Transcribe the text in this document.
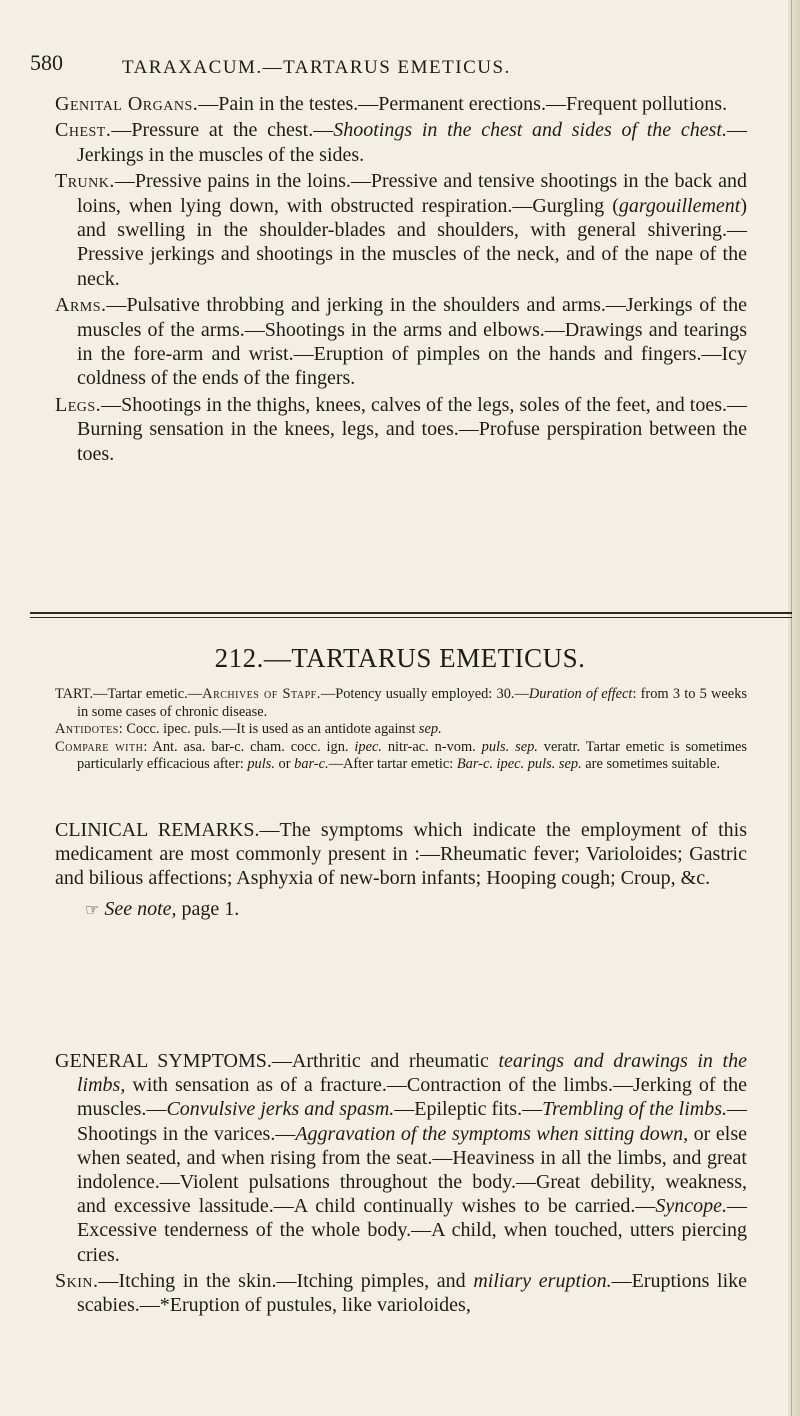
580	TARAXACUM.—TARTARUS EMETICUS.

Genital Organs.—Pain in the testes.—Permanent erections.—Frequent pollutions.

Chest.—Pressure at the chest.—Shootings in the chest and sides of the chest.—Jerkings in the muscles of the sides.

Trunk.—Pressive pains in the loins.—Pressive and tensive shootings in the back and loins, when lying down, with obstructed respiration.—Gurgling (gargouillement) and swelling in the shoulder-blades and shoulders, with general shivering.—Pressive jerkings and shootings in the muscles of the neck, and of the nape of the neck.

Arms.—Pulsative throbbing and jerking in the shoulders and arms.—Jerkings of the muscles of the arms.—Shootings in the arms and elbows.—Drawings and tearings in the fore-arm and wrist.—Eruption of pimples on the hands and fingers.—Icy coldness of the ends of the fingers.

Legs.—Shootings in the thighs, knees, calves of the legs, soles of the feet, and toes.—Burning sensation in the knees, legs, and toes.—Profuse perspiration between the toes.

212.—TARTARUS EMETICUS.

TART.—Tartar emetic.—Archives of Stapf.—Potency usually employed: 30.—Duration of effect: from 3 to 5 weeks in some cases of chronic disease.

Antidotes: Cocc. ipec. puls.—It is used as an antidote against sep.

Compare with: Ant. asa. bar-c. cham. cocc. ign. ipec. nitr-ac. n-vom. puls. sep. veratr. Tartar emetic is sometimes particularly efficacious after: puls. or bar-c.—After tartar emetic: Bar-c. ipec. puls. sep. are sometimes suitable.

CLINICAL REMARKS.—The symptoms which indicate the employment of this medicament are most commonly present in :—Rheumatic fever; Varioloides; Gastric and bilious affections; Asphyxia of new-born infants; Hooping cough; Croup, &c.

☞ See note, page 1.

GENERAL SYMPTOMS.—Arthritic and rheumatic tearings and drawings in the limbs, with sensation as of a fracture.—Contraction of the limbs.—Jerking of the muscles.—Convulsive jerks and spasm.—Epileptic fits.—Trembling of the limbs.—Shootings in the varices.—Aggravation of the symptoms when sitting down, or else when seated, and when rising from the seat.—Heaviness in all the limbs, and great indolence.—Violent pulsations throughout the body.—Great debility, weakness, and excessive lassitude.—A child continually wishes to be carried.—Syncope.—Excessive tenderness of the whole body.—A child, when touched, utters piercing cries.

Skin.—Itching in the skin.—Itching pimples, and miliary eruption.—Eruptions like scabies.—*Eruption of pustules, like varioloides,
